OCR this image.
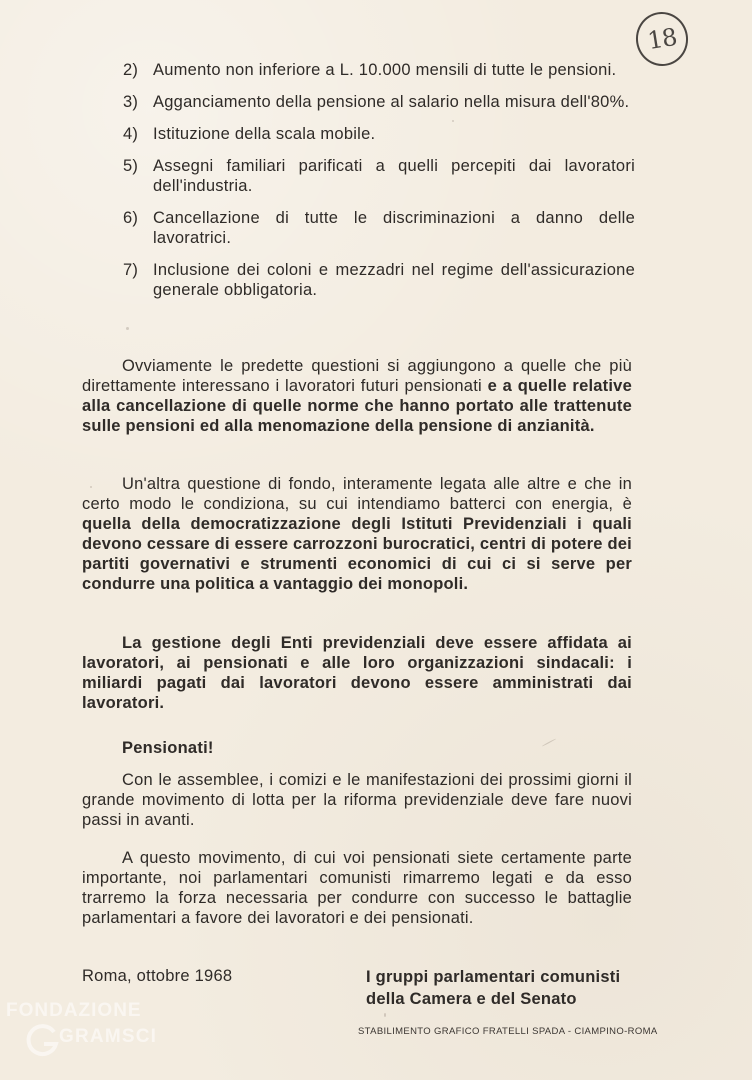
18
2) Aumento non inferiore a L. 10.000 mensili di tutte le pensioni.
3) Agganciamento della pensione al salario nella misura dell'80%.
4) Istituzione della scala mobile.
5) Assegni familiari parificati a quelli percepiti dai lavoratori dell'industria.
6) Cancellazione di tutte le discriminazioni a danno delle lavoratrici.
7) Inclusione dei coloni e mezzadri nel regime dell'assicurazione generale obbligatoria.
Ovviamente le predette questioni si aggiungono a quelle che più direttamente interessano i lavoratori futuri pensionati e a quelle relative alla cancellazione di quelle norme che hanno portato alle trattenute sulle pensioni ed alla menomazione della pensione di anzianità.
Un'altra questione di fondo, interamente legata alle altre e che in certo modo le condiziona, su cui intendiamo batterci con energia, è quella della democratizzazione degli Istituti Previdenziali i quali devono cessare di essere carrozzoni burocratici, centri di potere dei partiti governativi e strumenti economici di cui ci si serve per condurre una politica a vantaggio dei monopoli.
La gestione degli Enti previdenziali deve essere affidata ai lavoratori, ai pensionati e alle loro organizzazioni sindacali: i miliardi pagati dai lavoratori devono essere amministrati dai lavoratori.
Pensionati!
Con le assemblee, i comizi e le manifestazioni dei prossimi giorni il grande movimento di lotta per la riforma previdenziale deve fare nuovi passi in avanti.
A questo movimento, di cui voi pensionati siete certamente parte importante, noi parlamentari comunisti rimarremo legati e da esso trarremo la forza necessaria per condurre con successo le battaglie parlamentari a favore dei lavoratori e dei pensionati.
Roma, ottobre 1968	I gruppi parlamentari comunisti
della Camera e del Senato
STABILIMENTO GRAFICO FRATELLI SPADA - CIAMPINO-ROMA
FONDAZIONE
GRAMSCI
